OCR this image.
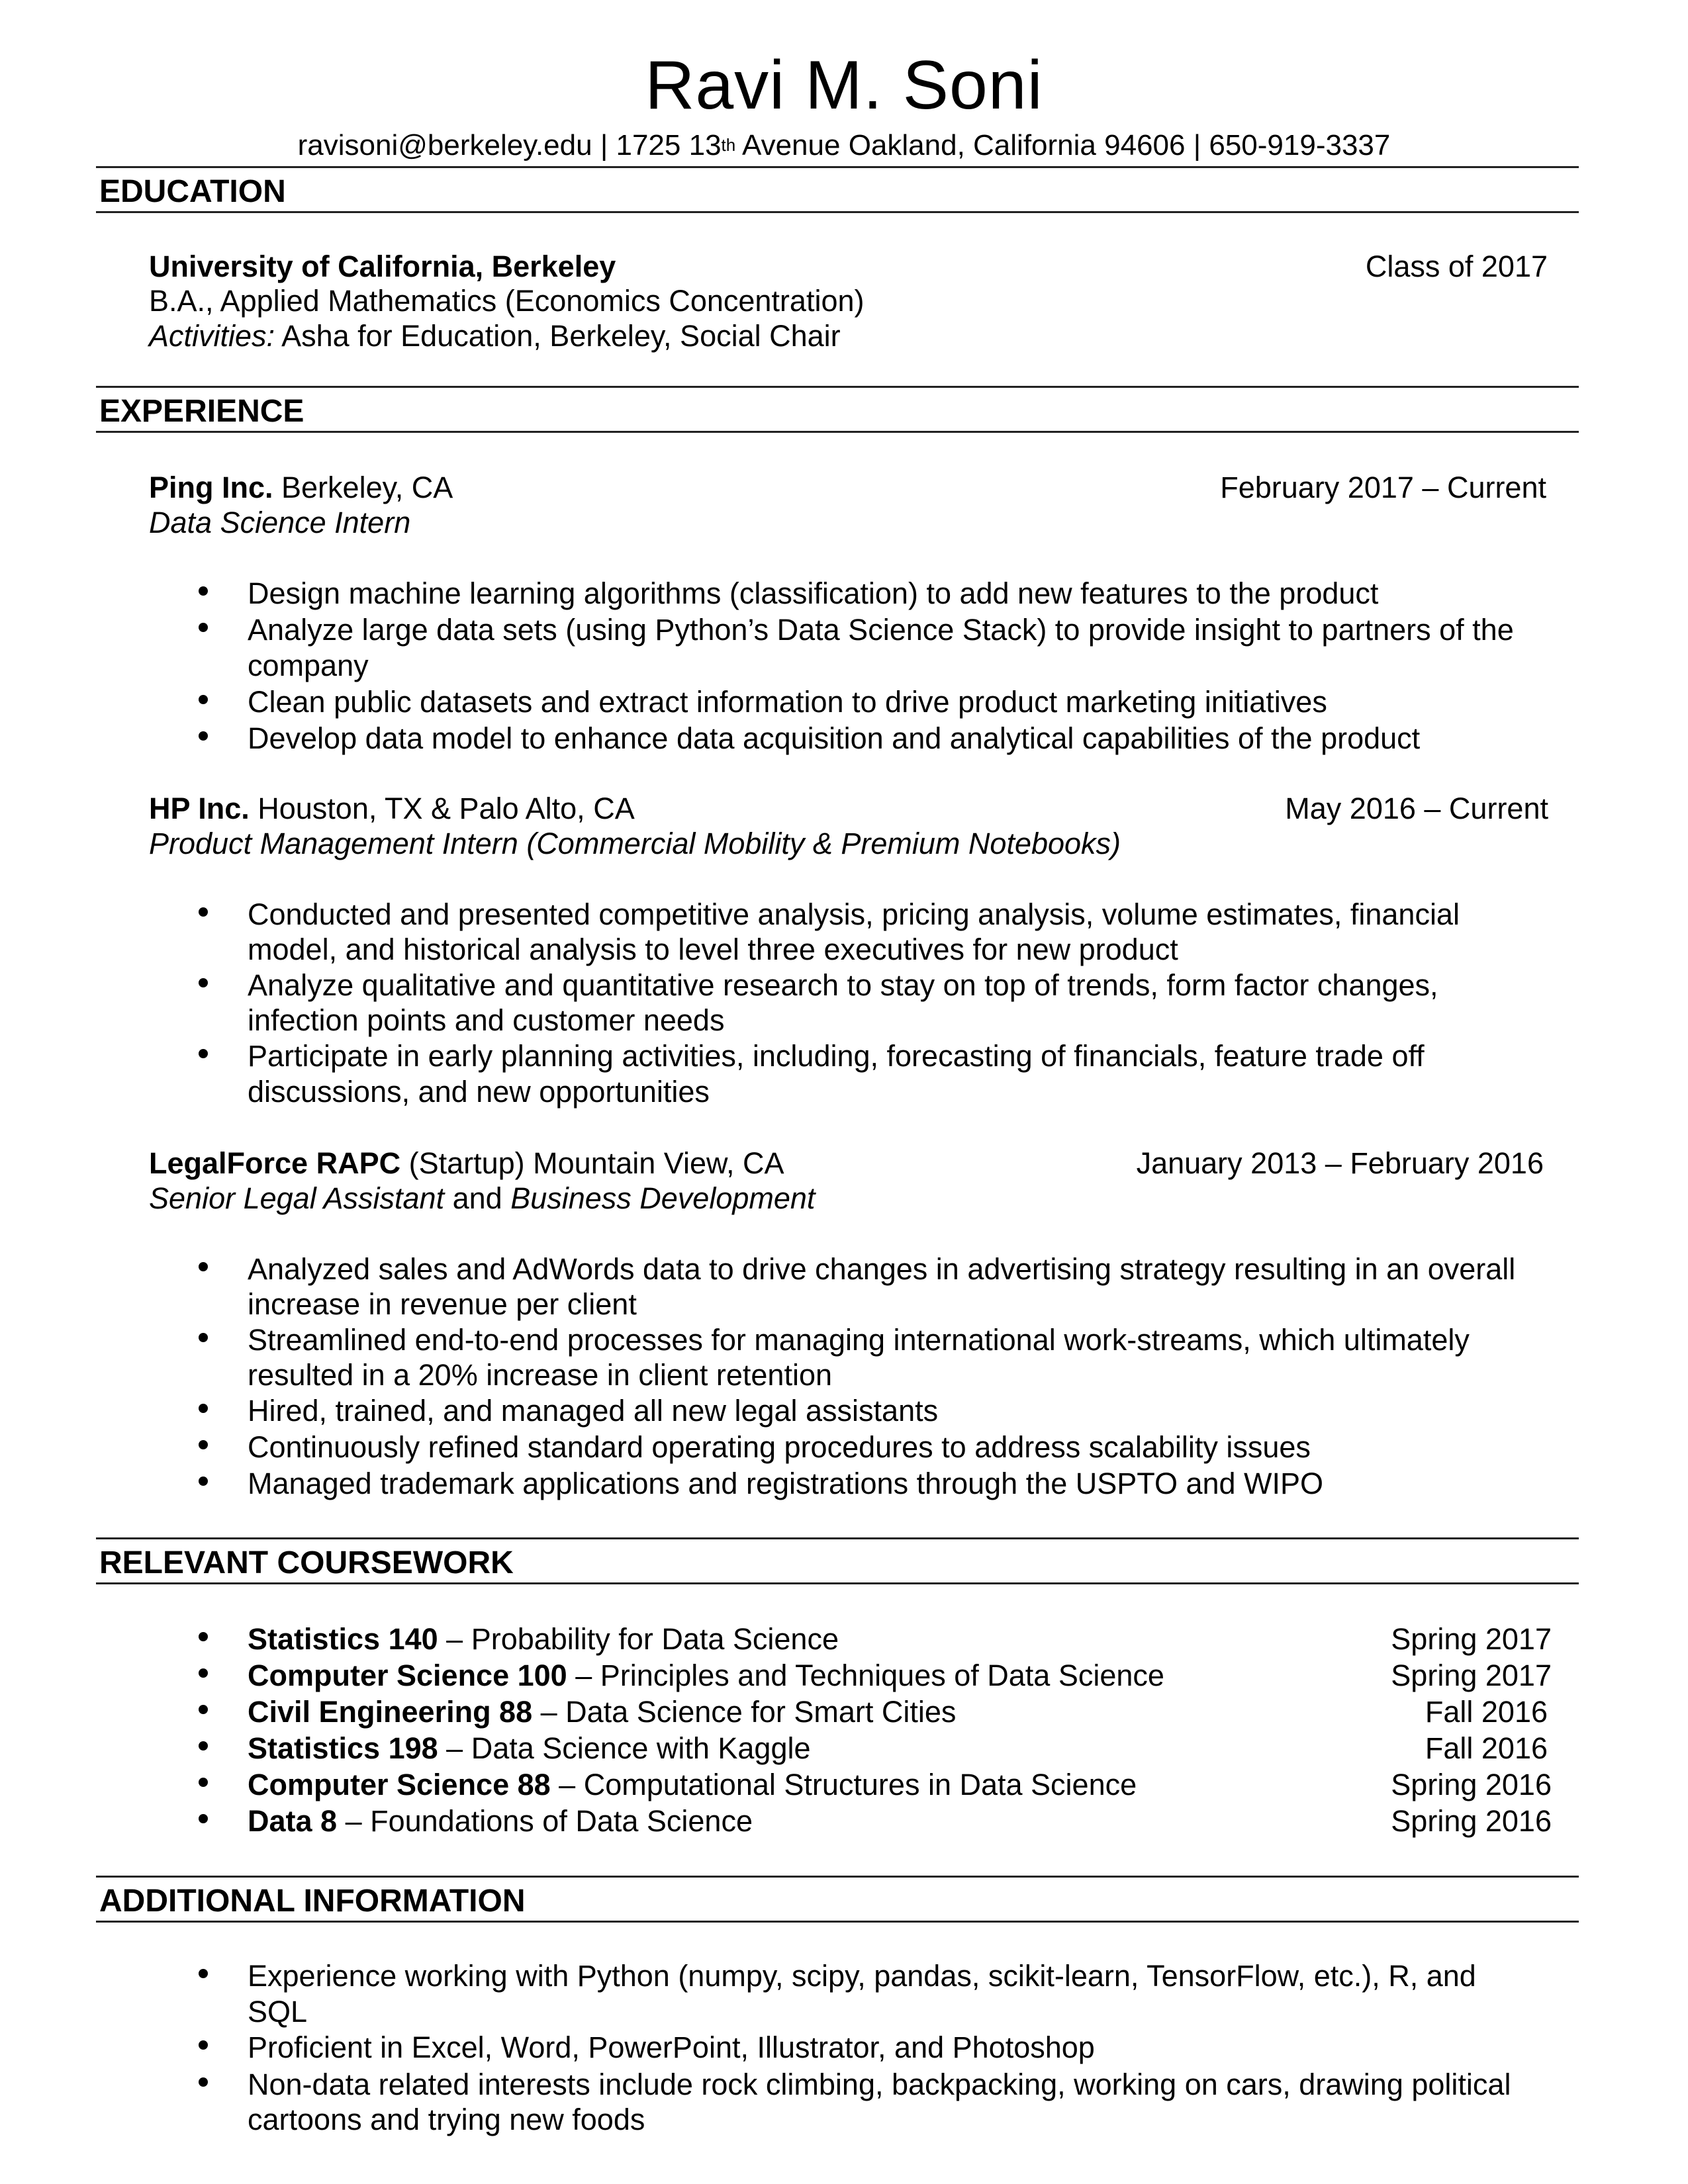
Ravi M. Soni
ravisoni@berkeley.edu | 1725 13th Avenue Oakland, California 94606 | 650-919-3337
EDUCATION
University of California, Berkeley	Class of 2017
B.A., Applied Mathematics (Economics Concentration)
Activities: Asha for Education, Berkeley, Social Chair
EXPERIENCE
Ping Inc. Berkeley, CA	February 2017 – Current
Data Science Intern
Design machine learning algorithms (classification) to add new features to the product
Analyze large data sets (using Python’s Data Science Stack) to provide insight to partners of the
company
Clean public datasets and extract information to drive product marketing initiatives
Develop data model to enhance data acquisition and analytical capabilities of the product
HP Inc. Houston, TX & Palo Alto, CA	May 2016 – Current
Product Management Intern (Commercial Mobility & Premium Notebooks)
Conducted and presented competitive analysis, pricing analysis, volume estimates, financial
model, and historical analysis to level three executives for new product
Analyze qualitative and quantitative research to stay on top of trends, form factor changes,
infection points and customer needs
Participate in early planning activities, including, forecasting of financials, feature trade off
discussions, and new opportunities
LegalForce RAPC (Startup) Mountain View, CA	January 2013 – February 2016
Senior Legal Assistant and Business Development
Analyzed sales and AdWords data to drive changes in advertising strategy resulting in an overall
increase in revenue per client
Streamlined end-to-end processes for managing international work-streams, which ultimately
resulted in a 20% increase in client retention
Hired, trained, and managed all new legal assistants
Continuously refined standard operating procedures to address scalability issues
Managed trademark applications and registrations through the USPTO and WIPO
RELEVANT COURSEWORK
Statistics 140 – Probability for Data Science	Spring 2017
Computer Science 100 – Principles and Techniques of Data Science	Spring 2017
Civil Engineering 88 – Data Science for Smart Cities	Fall 2016
Statistics 198 – Data Science with Kaggle	Fall 2016
Computer Science 88 – Computational Structures in Data Science	Spring 2016
Data 8 – Foundations of Data Science	Spring 2016
ADDITIONAL INFORMATION
Experience working with Python (numpy, scipy, pandas, scikit-learn, TensorFlow, etc.), R, and
SQL
Proficient in Excel, Word, PowerPoint, Illustrator, and Photoshop
Non-data related interests include rock climbing, backpacking, working on cars, drawing political
cartoons and trying new foods
